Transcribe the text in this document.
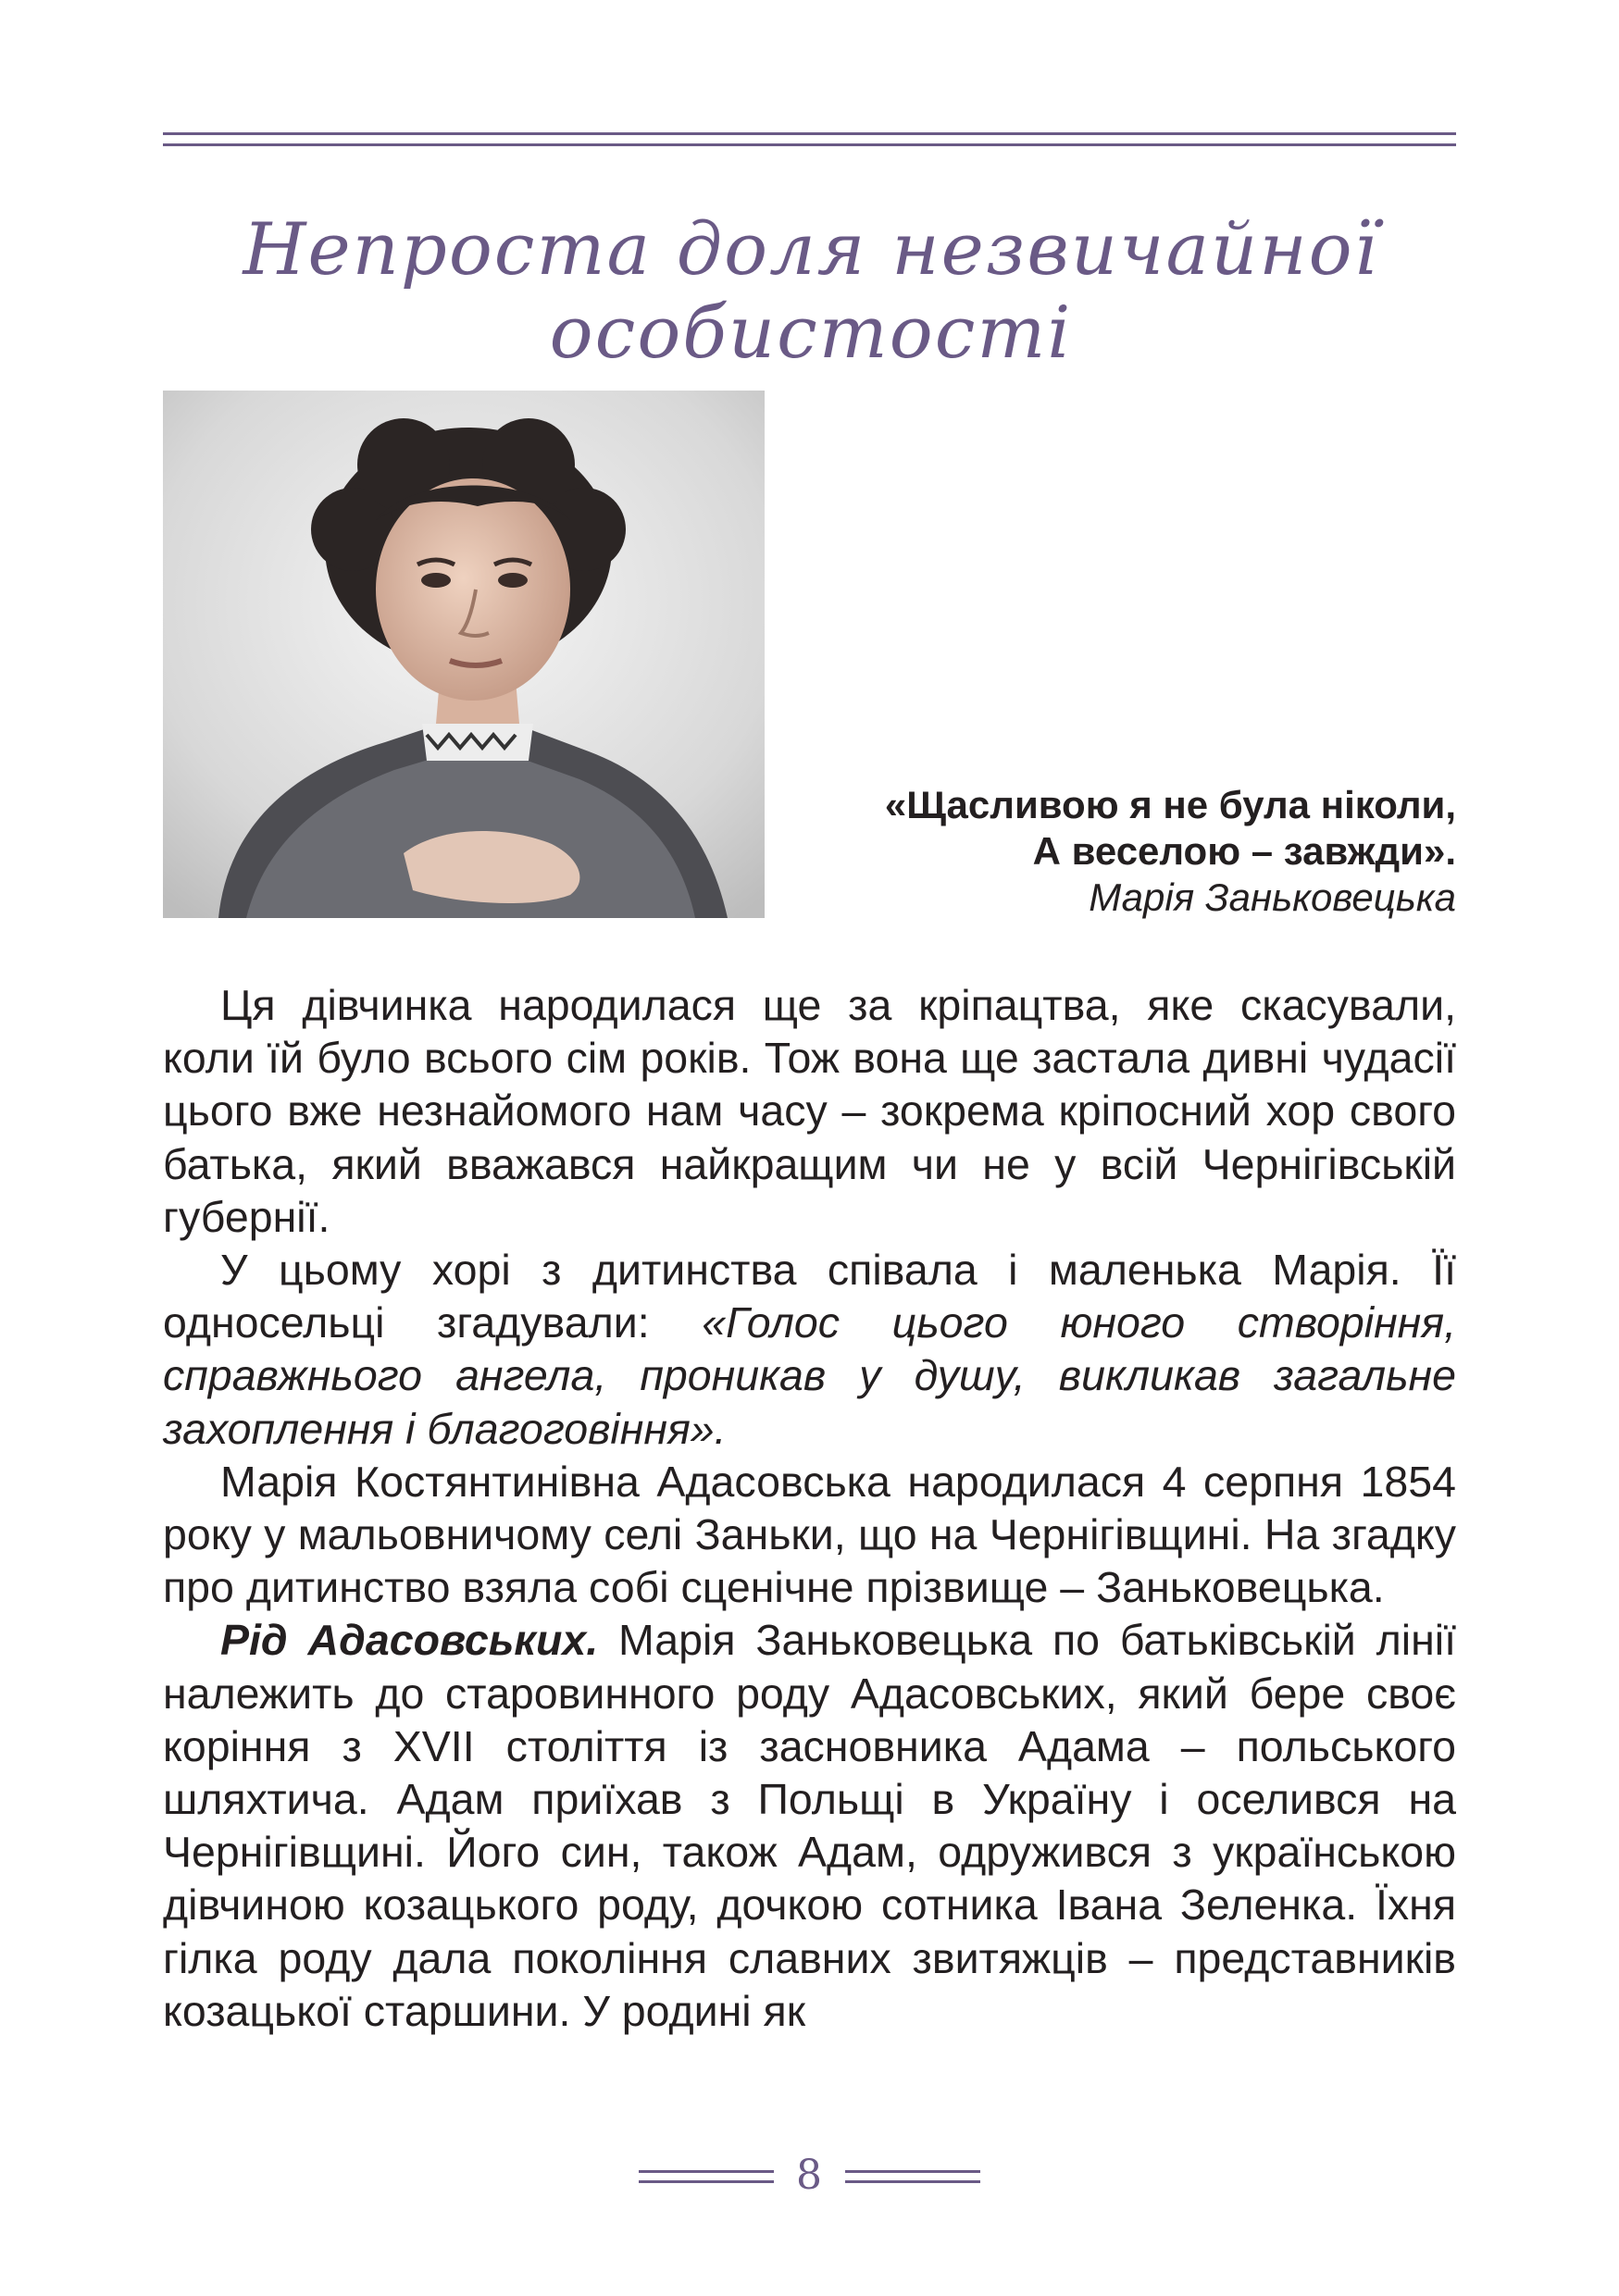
Непроста доля незвичайної
особистості
«Щасливою я не була ніколи,
А веселою – завжди».
Марія Заньковецька

Ця дівчинка народилася ще за кріпацтва, яке скасували, коли їй було всього сім років. Тож вона ще застала дивні чудасії цього вже незнайомого нам часу – зокрема кріпосний хор свого батька, який вважався найкращим чи не у всій Чернігівській губернії.

У цьому хорі з дитинства співала і маленька Марія. Її односельці згадували: «Голос цього юного створіння, справжнього ангела, проникав у душу, викликав загальне захоплення і благоговіння».

Марія Костянтинівна Адасовська народилася 4 серпня 1854 року у мальовничому селі Заньки, що на Чернігівщині. На згадку про дитинство взяла собі сценічне прізвище – Заньковецька.

Рід Адасовських. Марія Заньковецька по батьківській лінії належить до старовинного роду Адасовських, який бере своє коріння з XVII століття із засновника Адама – польського шляхтича. Адам приїхав з Польщі в Україну і оселився на Чернігівщині. Його син, також Адам, одружився з українською дівчиною козацького роду, дочкою сотника Івана Зеленка. Їхня гілка роду дала покоління славних звитяжців – представників козацької старшини. У родині як

8
